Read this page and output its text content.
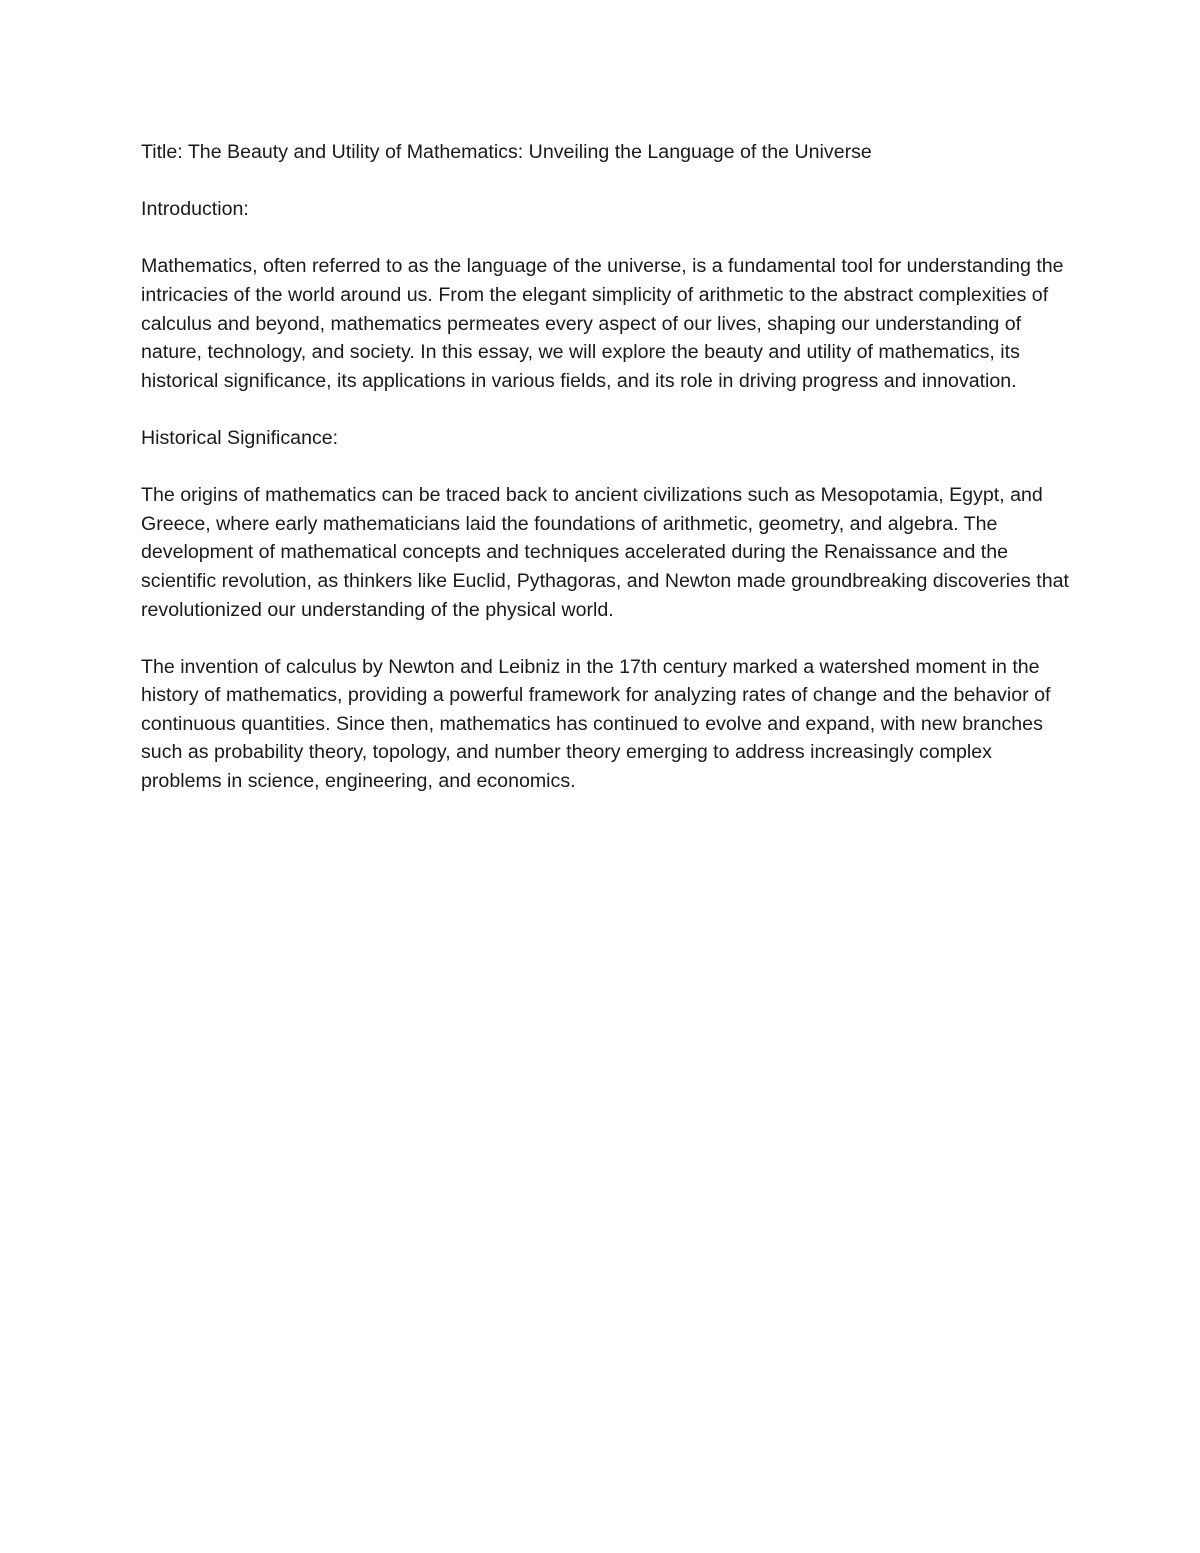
Title: The Beauty and Utility of Mathematics: Unveiling the Language of the Universe

Introduction:

Mathematics, often referred to as the language of the universe, is a fundamental tool for understanding the intricacies of the world around us. From the elegant simplicity of arithmetic to the abstract complexities of calculus and beyond, mathematics permeates every aspect of our lives, shaping our understanding of nature, technology, and society. In this essay, we will explore the beauty and utility of mathematics, its historical significance, its applications in various fields, and its role in driving progress and innovation.

Historical Significance:

The origins of mathematics can be traced back to ancient civilizations such as Mesopotamia, Egypt, and Greece, where early mathematicians laid the foundations of arithmetic, geometry, and algebra. The development of mathematical concepts and techniques accelerated during the Renaissance and the scientific revolution, as thinkers like Euclid, Pythagoras, and Newton made groundbreaking discoveries that revolutionized our understanding of the physical world.

The invention of calculus by Newton and Leibniz in the 17th century marked a watershed moment in the history of mathematics, providing a powerful framework for analyzing rates of change and the behavior of continuous quantities. Since then, mathematics has continued to evolve and expand, with new branches such as probability theory, topology, and number theory emerging to address increasingly complex problems in science, engineering, and economics.
